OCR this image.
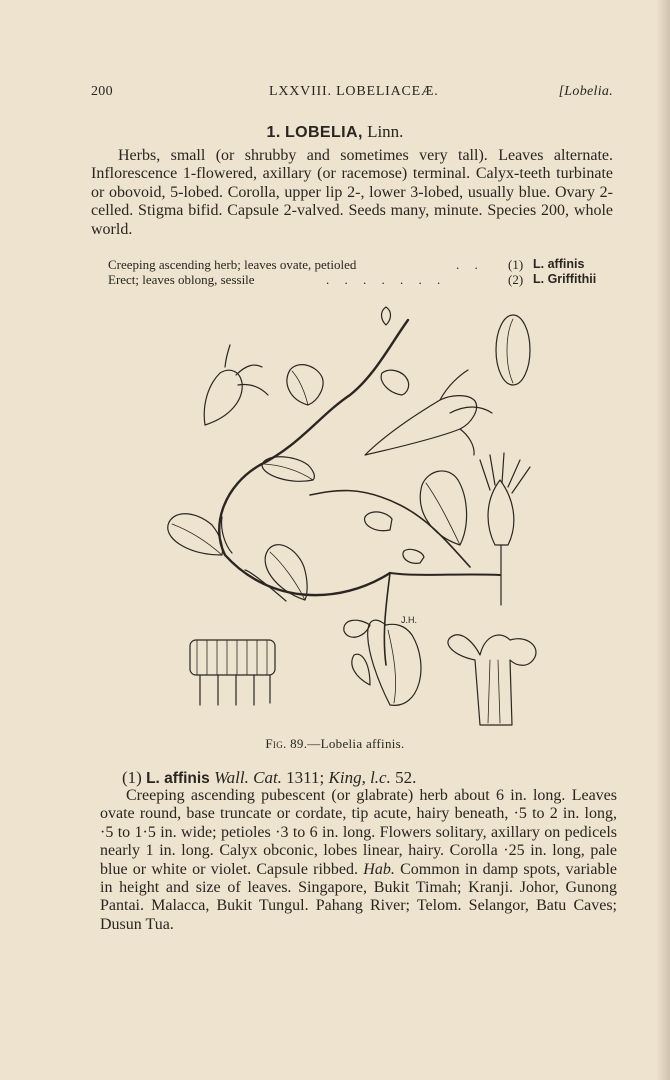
200	LXXVIII. LOBELIACEÆ.	[Lobelia.
1. LOBELIA, Linn.

Herbs, small (or shrubby and sometimes very tall). Leaves alternate. Inflorescence 1-flowered, axillary (or racemose) terminal. Calyx-teeth turbinate or obovoid, 5-lobed. Corolla, upper lip 2-, lower 3-lobed, usually blue. Ovary 2-celled. Stigma bifid. Capsule 2-valved. Seeds many, minute. Species 200, whole world.

Creeping ascending herb; leaves ovate, petioled	. . (1) L. affinis
Erect; leaves oblong, sessile	. . . . . . .	(2) L. Griffithii
J.H.
Fig. 89.—Lobelia affinis.
(1) L. affinis Wall. Cat. 1311; King, l.c. 52.

Creeping ascending pubescent (or glabrate) herb about 6 in. long. Leaves ovate round, base truncate or cordate, tip acute, hairy beneath, ·5 to 2 in. long, ·5 to 1·5 in. wide; petioles ·3 to 6 in. long. Flowers solitary, axillary on pedicels nearly 1 in. long. Calyx obconic, lobes linear, hairy. Corolla ·25 in. long, pale blue or white or violet. Capsule ribbed. Hab. Common in damp spots, variable in height and size of leaves. Singapore, Bukit Timah; Kranji. Johor, Gunong Pantai. Malacca, Bukit Tungul. Pahang River; Telom. Selangor, Batu Caves; Dusun Tua.
